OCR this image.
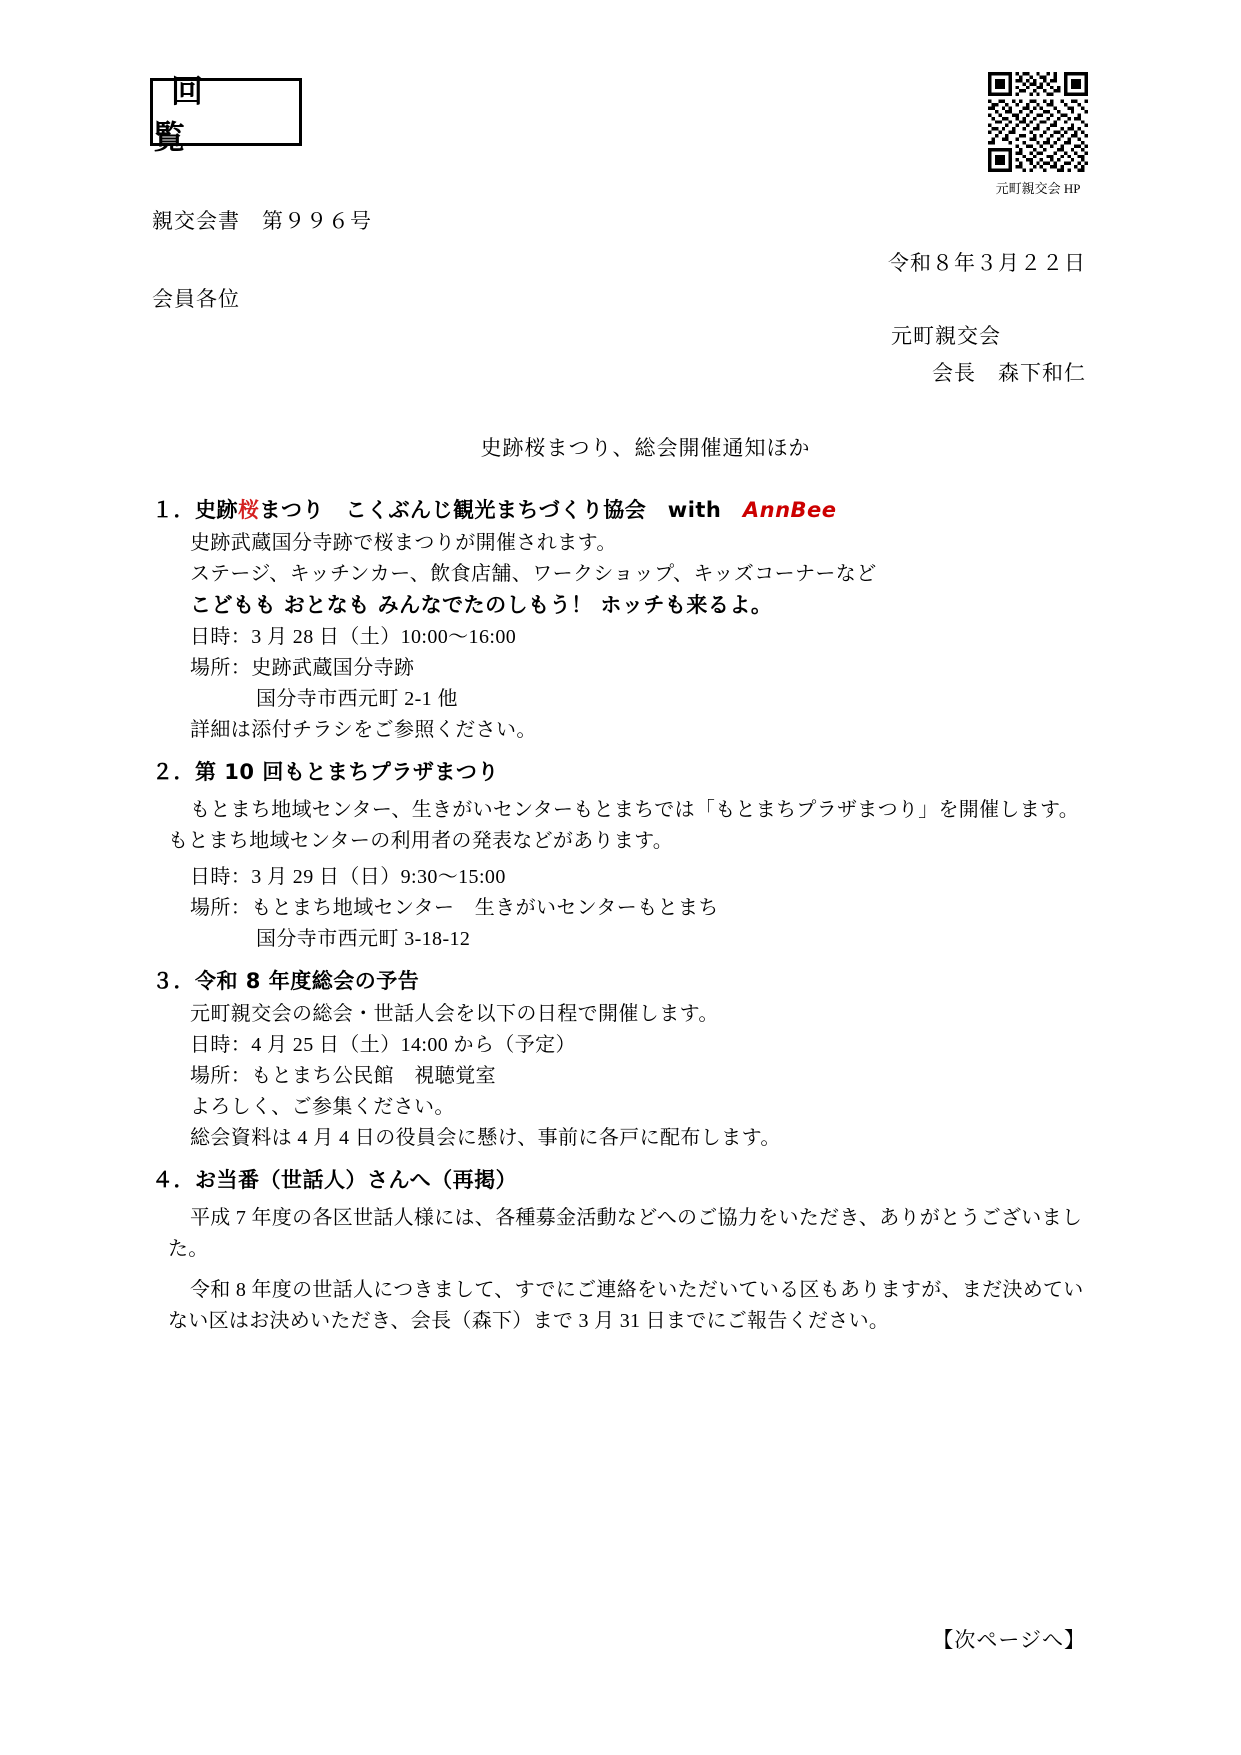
回　覧
元町親交会 HP
親交会書　第９９６号
令和８年３月２２日
会員各位
元町親交会
会長　森下和仁
史跡桜まつり、総会開催通知ほか
１．史跡桜まつり　こくぶんじ観光まちづくり協会　with　AnnBee

史跡武蔵国分寺跡で桜まつりが開催されます。

ステージ、キッチンカー、飲食店舗、ワークショップ、キッズコーナーなど

こどもも おとなも みんなでたのしもう！ ホッチも来るよ。

日時：3 月 28 日（土）10:00〜16:00

場所：史跡武蔵国分寺跡

国分寺市西元町 2-1 他

詳細は添付チラシをご参照ください。

２．第 10 回もとまちプラザまつり

もとまち地域センター、生きがいセンターもとまちでは「もとまちプラザまつり」を開催します。もとまち地域センターの利用者の発表などがあります。

日時：3 月 29 日（日）9:30〜15:00

場所：もとまち地域センター　生きがいセンターもとまち

国分寺市西元町 3-18-12

３．令和 8 年度総会の予告

元町親交会の総会・世話人会を以下の日程で開催します。

日時：4 月 25 日（土）14:00 から（予定）

場所：もとまち公民館　視聴覚室

よろしく、ご参集ください。

総会資料は 4 月 4 日の役員会に懸け、事前に各戸に配布します。

４．お当番（世話人）さんへ（再掲）

平成 7 年度の各区世話人様には、各種募金活動などへのご協力をいただき、ありがとうございました。

令和 8 年度の世話人につきまして、すでにご連絡をいただいている区もありますが、まだ決めていない区はお決めいただき、会長（森下）まで 3 月 31 日までにご報告ください。

【次ページへ】
